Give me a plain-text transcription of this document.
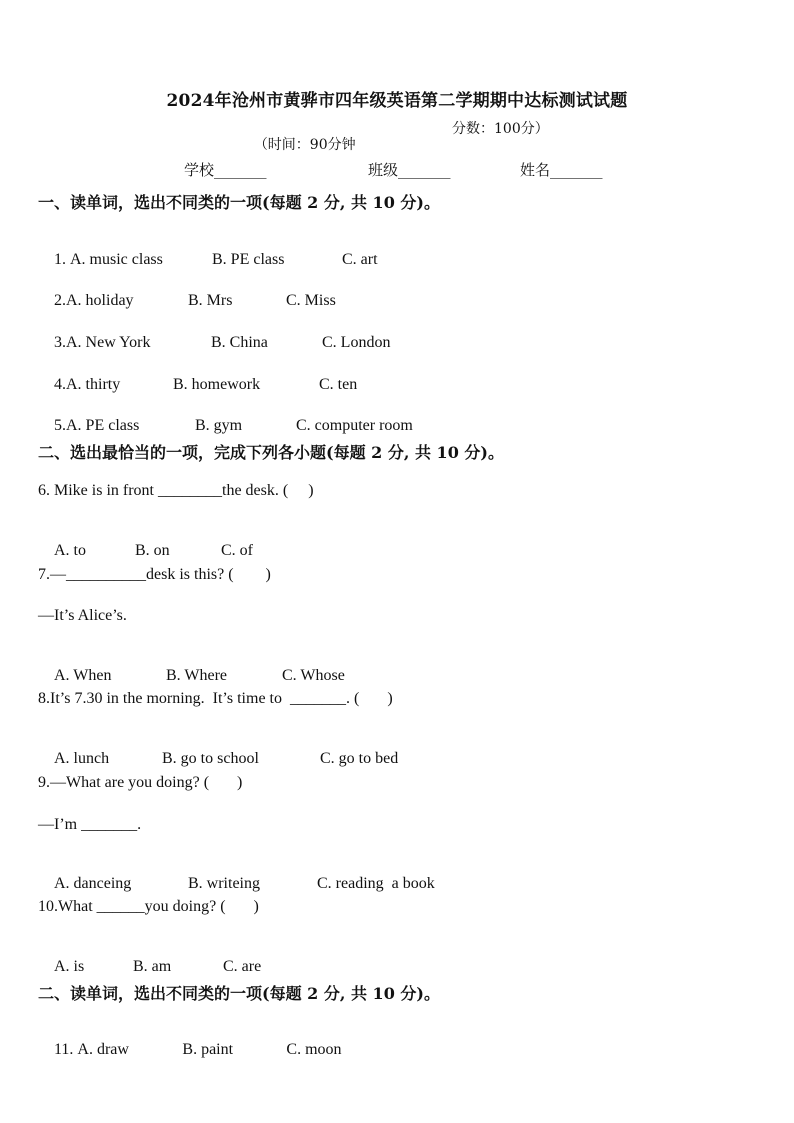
2024年沧州市黄骅市四年级英语第二学期期中达标测试试题

（时间：90分钟

分数：100分）

学校_______	班级_______	姓名_______
一、读单词，选出不同类的一项(每题 2 分, 共 10 分)。

1. A. music class	B. PE class	C. art

2.A. holiday	B. Mrs	C. Miss

3.A. New York	B. China	C. London

4.A. thirty	B. homework	C. ten

5.A. PE class	B. gym	C. computer room

二、选出最恰当的一项，完成下列各小题(每题 2 分, 共 10 分)。
6. Mike is in front ________the desk. (     )

A. to	B. on	C. of

7.—__________desk is this? (        )
—It’s Alice’s.

A. When	B. Where	C. Whose

8.It’s 7.30 in the morning.  It’s time to  _______. (       )

A. lunch	B. go to school	C. go to bed

9.—What are you doing? (       )
—I’m _______.

A. danceing	B. writeing	C. reading  a book

10.What ______you doing? (       )

A. is	B. am	C. are

二、读单词，选出不同类的一项(每题 2 分, 共 10 分)。

11. A. draw	B. paint	C. moon
